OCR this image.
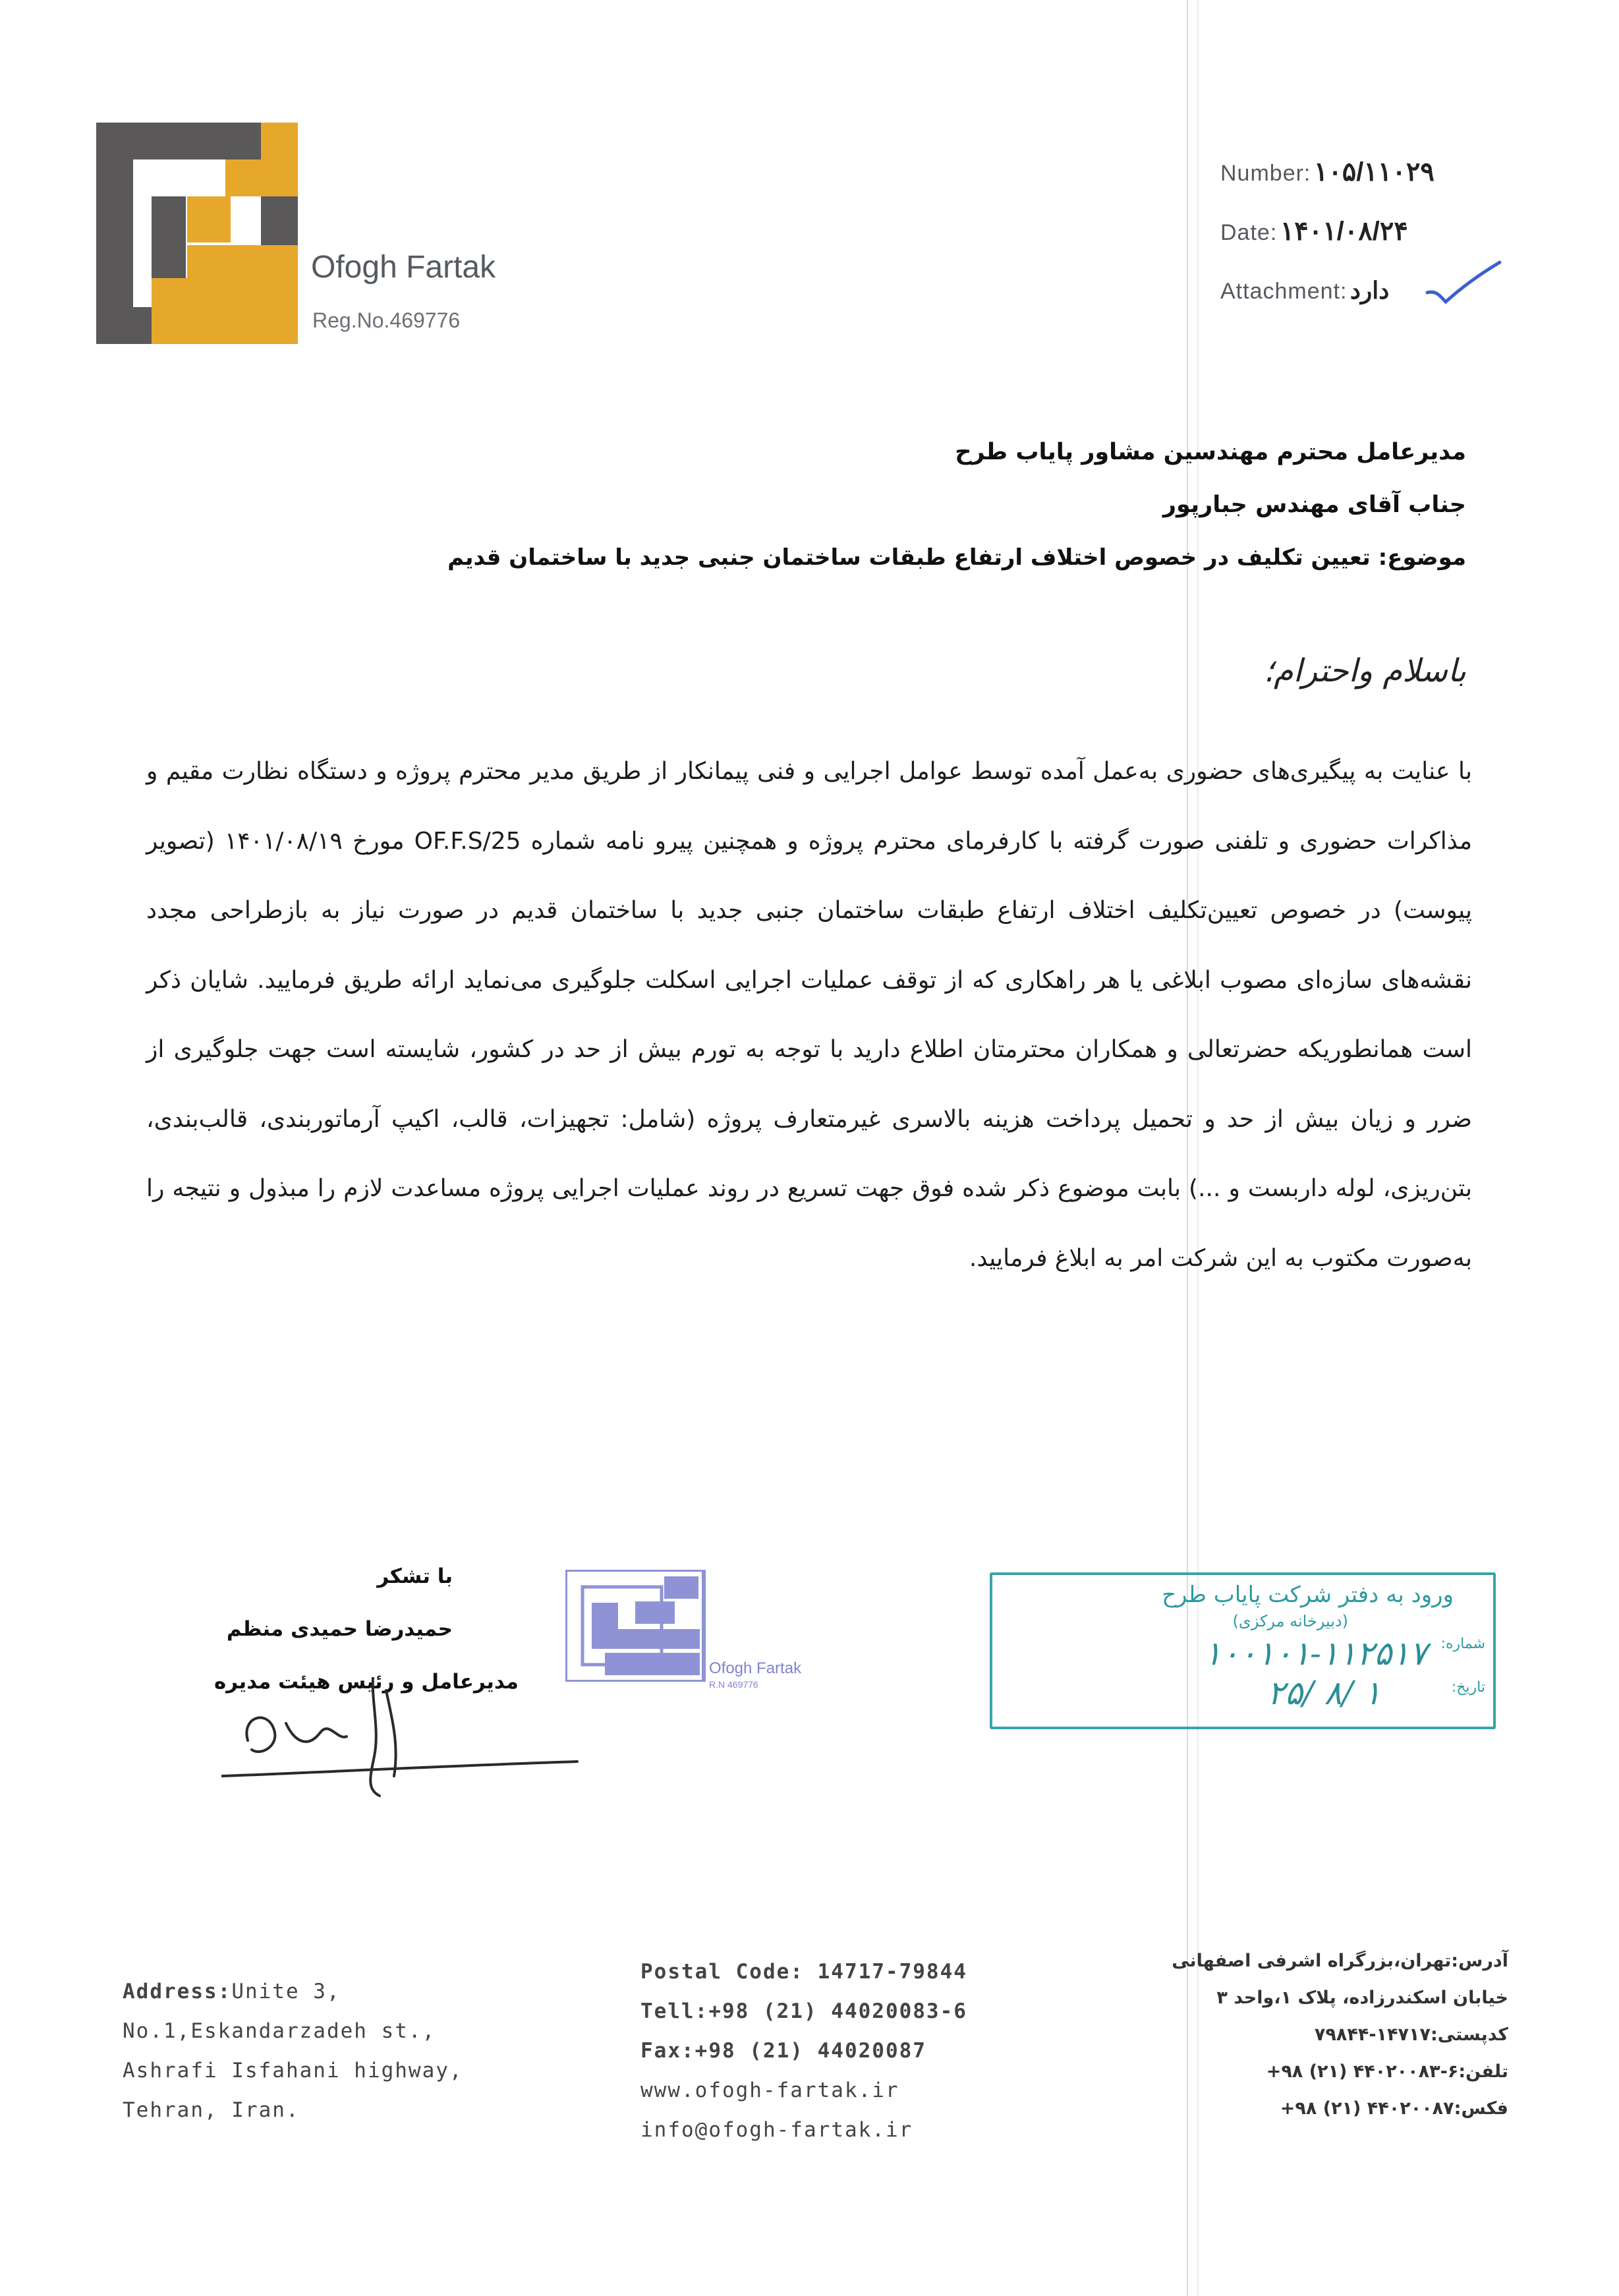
Ofogh Fartak
Reg.No.469776
Number: ۱۰۵/۱۱۰۲۹
Date: ۱۴۰۱/۰۸/۲۴
Attachment: دارد
مدیرعامل محترم مهندسین مشاور پایاب طرح
جناب آقای مهندس جبارپور
موضوع: تعیین تکلیف در خصوص اختلاف ارتفاع طبقات ساختمان جنبی جدید با ساختمان قدیم
باسلام واحترام؛
با عنایت به پیگیری‌های حضوری به‌عمل آمده توسط عوامل اجرایی و فنی پیمانکار از طریق مدیر محترم پروژه و دستگاه نظارت مقیم و مذاکرات حضوری و تلفنی صورت گرفته با کارفرمای محترم پروژه و همچنین پیرو نامه شماره OF.F.S/25 مورخ ۱۴۰۱/۰۸/۱۹ (تصویر پیوست) در خصوص تعیین‌تکلیف اختلاف ارتفاع طبقات ساختمان جنبی جدید با ساختمان قدیم در صورت نیاز به بازطراحی مجدد نقشه‌های سازه‌ای مصوب ابلاغی یا هر راهکاری که از توقف عملیات اجرایی اسکلت جلوگیری می‌نماید ارائه طریق فرمایید. شایان ذکر است همانطوریکه حضرتعالی و همکاران محترمتان اطلاع دارید با توجه به تورم بیش از حد در کشور، شایسته است جهت جلوگیری از ضرر و زیان بیش از حد و تحمیل پرداخت هزینه بالاسری غیرمتعارف پروژه (شامل: تجهیزات، قالب، اکیپ آرماتوربندی، قالب‌بندی، بتن‌ریزی، لوله داربست و ...) بابت موضوع ذکر شده فوق جهت تسریع در روند عملیات اجرایی پروژه مساعدت لازم را مبذول و نتیجه را به‌صورت مکتوب به این شرکت امر به ابلاغ فرمایید.
با تشکر
حمیدرضا حمیدی منظم
مدیرعامل و رئیس هیئت مدیره
Ofogh Fartak
R.N 469776
ورود به دفتر شرکت پایاب طرح
(دبیرخانه مرکزی)
شماره:
۱۰۰۱۰۱-۱۱۲۵۱۷
تاریخ:
۲۵/ ۸/ ۱
Address:Unite 3,
No.1,Eskandarzadeh st.,
Ashrafi Isfahani highway,
Tehran, Iran.
Postal Code: 14717-79844
Tell:+98 (21) 44020083-6
Fax:+98 (21) 44020087
www.ofogh-fartak.ir
info@ofogh-fartak.ir
آدرس:تهران،بزرگراه اشرفی اصفهانی
خیابان اسکندرزاده، پلاک ۱،واحد ۳
کدپستی:۱۴۷۱۷-۷۹۸۴۴
تلفن:۶-۴۴۰۲۰۰۸۳ (۲۱) ۹۸+
فکس:۴۴۰۲۰۰۸۷ (۲۱) ۹۸+
